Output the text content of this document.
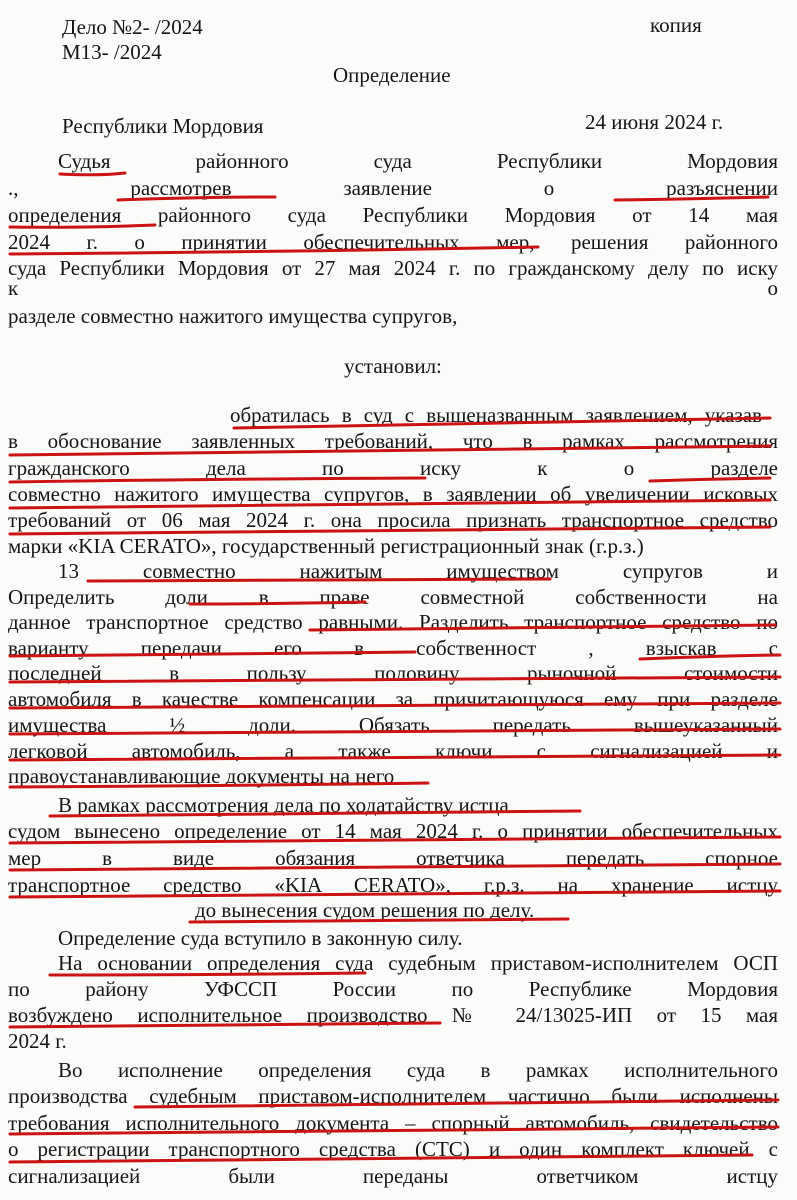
Дело №2- /2024
М13- /2024
копия
Определение
Республики Мордовия	24 июня 2024 г.
Судья районного суда Республики Мордовия
., рассмотрев заявление о разъяснении
определения районного суда Республики Мордовия от 14 мая
2024 г. о принятии обеспечительных мер, решения районного
суда Республики Мордовия от 27 мая 2024 г. по гражданскому делу по иску
к о
разделе совместно нажитого имущества супругов,
установил:
обратилась в суд с вышеназванным заявлением, указав
в обоснование заявленных требований, что в рамках рассмотрения
гражданского дела по иску к о разделе
совместно нажитого имущества супругов, в заявлении об увеличении исковых
требований от 06 мая 2024 г. она просила признать транспортное средство
марки «KIA CERATO», государственный регистрационный знак (г.р.з.)
13 совместно нажитым имуществом супругов и
Определить доли в праве совместной собственности на
данное транспортное средство равными. Разделить транспортное средство по
варианту передачи его в собственност , взыскав с
последней в пользу половину рыночной стоимости
автомобиля в качестве компенсации за причитающуюся ему при разделе
имущества ½ доли. Обязать передать вышеуказанный
легковой автомобиль, а также ключи с сигнализацией и
правоустанавливающие документы на него
В рамках рассмотрения дела по ходатайству истца
судом вынесено определение от 14 мая 2024 г. о принятии обеспечительных
мер в виде обязания ответчика передать спорное
транспортное средство «KIA CERATO», г.р.з. на хранение истцу
до вынесения судом решения по делу.
Определение суда вступило в законную силу.
На основании определения суда судебным приставом-исполнителем ОСП
по району УФССП России по Республике Мордовия
возбуждено исполнительное производство № 24/13025-ИП от 15 мая
2024 г.
Во исполнение определения суда в рамках исполнительного
производства судебным приставом-исполнителем частично были исполнены
требования исполнительного документа – спорный автомобиль, свидетельство
о регистрации транспортного средства (СТС) и один комплект ключей с
сигнализацией были переданы ответчиком истцу
